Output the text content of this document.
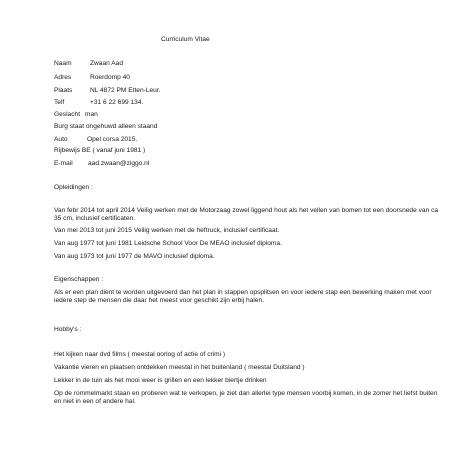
Curriculum Vitae

Naam	Zwaan Aad
Adres	Roerdomp 40
Plaats	NL 4872 PM Etten-Leur.
Telf	+31 6 22 699 134.
Geslacht man
Burg staat ongehuwd alleen staand
Auto	Opel corsa 2015.
Rijbewijs BE ( vanaf juni 1981 )
E-mail aad.zwaan@ziggo.nl

Opleidingen :

Van febr 2014 tot april 2014 Veilig werken met de Motorzaag zowel liggend hout als het vellen van bomen tot een doorsnede van ca 35 cm, inclusief certificaten.

Van mei 2013 tot juni 2015 Veilig werken met de heftruck, inclusief certificaat.

Van aug 1977 tot juni 1981 Leidsche School Voor De MEAO inclusief diploma.

Van aug 1973 tot juni 1977 de MAVO inclusief diploma.

Eigenschappen :

Als er een plan dient te worden uitgevoerd dan het plan in stappen opsplitsen en voor iedere stap een bewerking maken met voor iedere step de mensen die daar het meest voor geschikt zijn erbij halen.

Hobby's :

Het kijken naar dvd films ( meestal oorlog of actie of crimi )

Vakantie vieren en plaatsen ontdekken meestal in het buitenland ( meestal Duitsland )

Lekker in de tuin als het mooi weer is grillen en een lekker biertje drinken

Op de rommelmarkt staan en proberen wat te verkopen, je ziet dan allerlei type mensen voorbij komen, in de zomer het liefst buiten en niet in een of andere hal.
